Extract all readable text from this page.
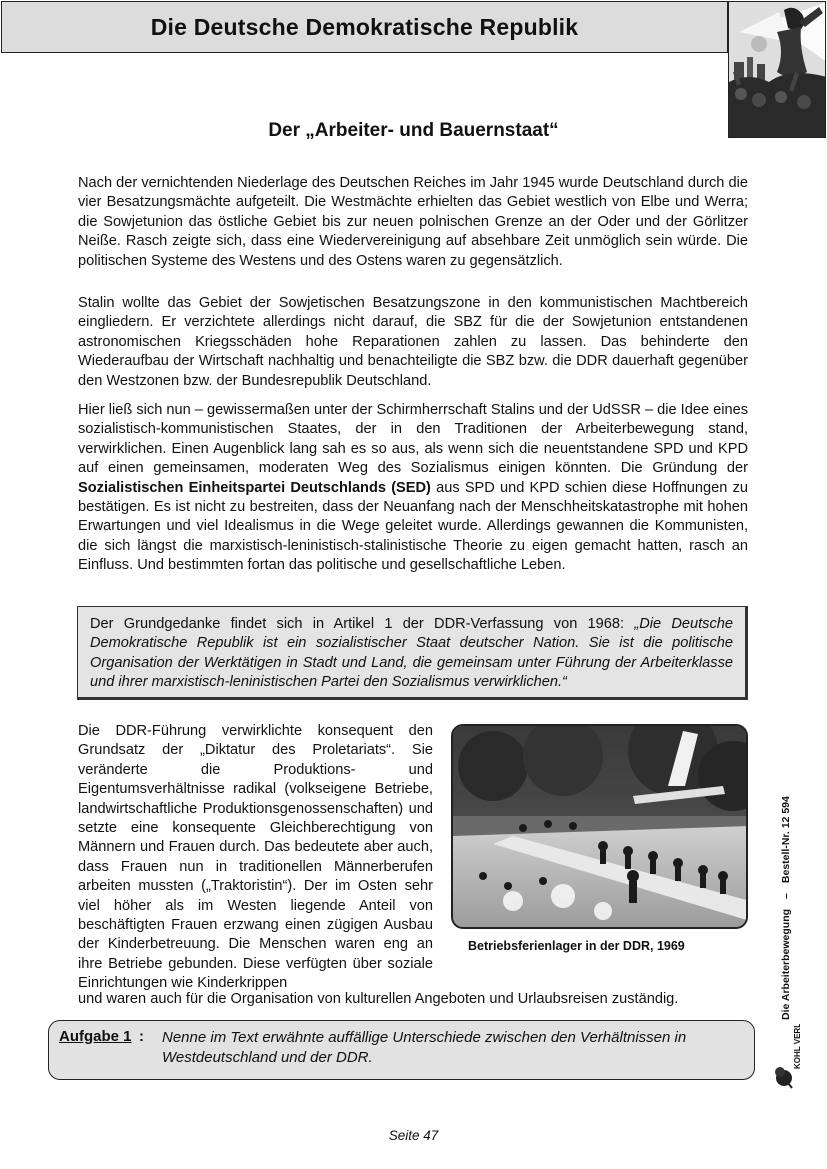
Die Deutsche Demokratische Republik
Der „Arbeiter- und Bauernstaat“

Nach der vernichtenden Niederlage des Deutschen Reiches im Jahr 1945 wurde Deutschland durch die vier Besatzungsmächte aufgeteilt. Die Westmächte erhielten das Gebiet westlich von Elbe und Werra; die Sowjetunion das östliche Gebiet bis zur neuen polnischen Grenze an der Oder und der Görlitzer Neiße. Rasch zeigte sich, dass eine Wiedervereinigung auf absehbare Zeit unmöglich sein würde. Die politischen Systeme des Westens und des Ostens waren zu gegensätzlich.

Stalin wollte das Gebiet der Sowjetischen Besatzungszone in den kommunistischen Machtbereich eingliedern. Er verzichtete allerdings nicht darauf, die SBZ für die der Sowjetunion entstandenen astronomischen Kriegsschäden hohe Reparationen zahlen zu lassen. Das behinderte den Wiederaufbau der Wirtschaft nachhaltig und benachteiligte die SBZ bzw. die DDR dauerhaft gegenüber den Westzonen bzw. der Bundesrepublik Deutschland.

Hier ließ sich nun – gewissermaßen unter der Schirmherrschaft Stalins und der UdSSR – die Idee eines sozialistisch-kommunistischen Staates, der in den Traditionen der Arbeiterbewegung stand, verwirklichen. Einen Augenblick lang sah es so aus, als wenn sich die neuentstandene SPD und KPD auf einen gemeinsamen, moderaten Weg des Sozialismus einigen könnten. Die Gründung der Sozialistischen Einheitspartei Deutschlands (SED) aus SPD und KPD schien diese Hoffnungen zu bestätigen. Es ist nicht zu bestreiten, dass der Neuanfang nach der Menschheitskatastrophe mit hohen Erwartungen und viel Idealismus in die Wege geleitet wurde. Allerdings gewannen die Kommunisten, die sich längst die marxistisch-leninistisch-stalinistische Theorie zu eigen gemacht hatten, rasch an Einfluss. Und bestimmten fortan das politische und gesellschaftliche Leben.

Der Grundgedanke findet sich in Artikel 1 der DDR-Verfassung von 1968: „Die Deutsche Demokratische Republik ist ein sozialistischer Staat deutscher Nation. Sie ist die politische Organisation der Werktätigen in Stadt und Land, die gemeinsam unter Führung der Arbeiterklasse und ihrer marxistisch-leninistischen Partei den Sozialismus verwirklichen.“

Die DDR-Führung verwirklichte konsequent den Grundsatz der „Diktatur des Proletariats“. Sie veränderte die Produktions- und Eigentumsverhältnisse radikal (volkseigene Betriebe, landwirtschaftliche Produktionsgenossenschaften) und setzte eine konsequente Gleichberechtigung von Männern und Frauen durch. Das bedeutete aber auch, dass Frauen nun in traditionellen Männerberufen arbeiten mussten („Traktoristin“). Der im Osten sehr viel höher als im Westen liegende Anteil von beschäftigten Frauen erzwang einen zügigen Ausbau der Kinderbetreuung. Die Menschen waren eng an ihre Betriebe gebunden. Diese verfügten über soziale Einrichtungen wie Kinderkrippen

Betriebsferienlager in der DDR, 1969

und waren auch für die Organisation von kulturellen Angeboten und Urlaubsreisen zuständig.

Aufgabe 1 : Nenne im Text erwähnte auffällige Unterschiede zwischen den Verhältnissen in Westdeutschland und der DDR.
Die Arbeiterbewegung
–
Bestell-Nr. 12 594
KOHL VERLAG
Seite 47
